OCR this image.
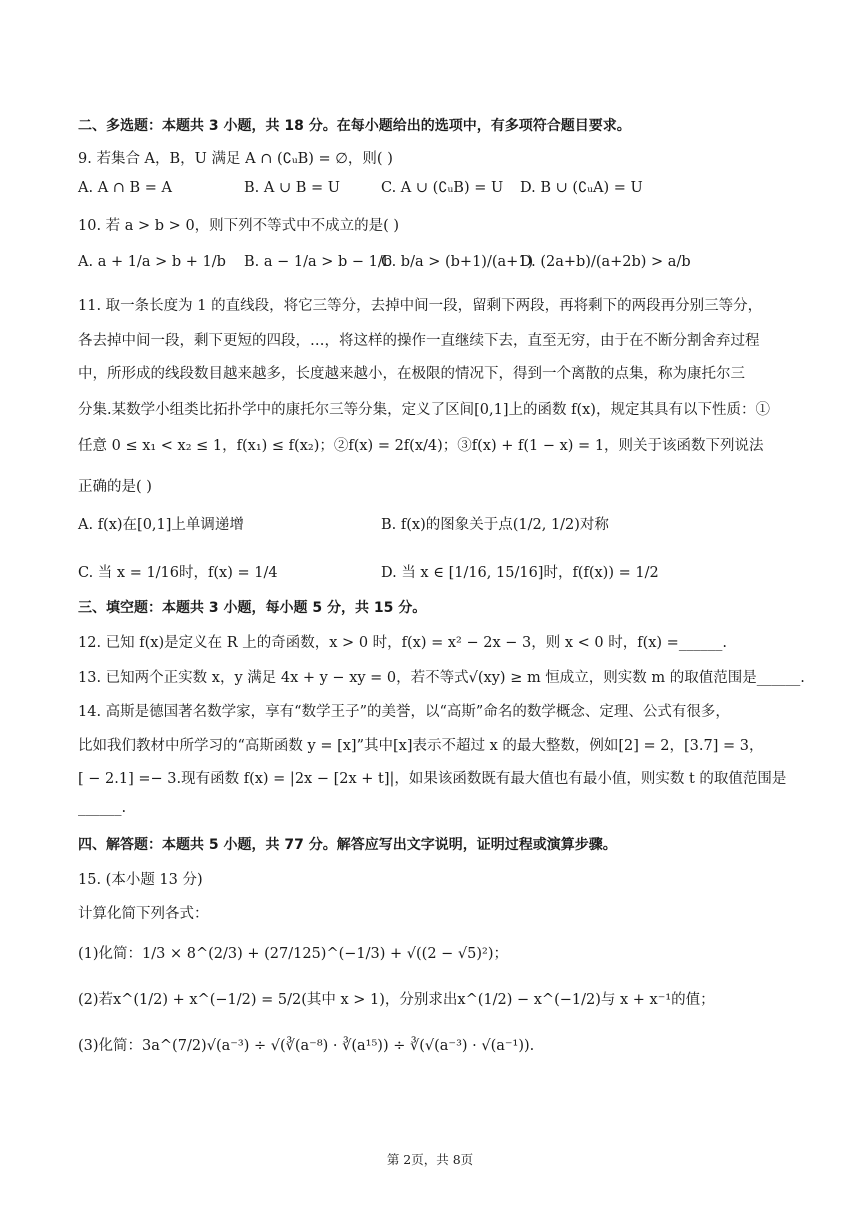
二、多选题：本题共 3 小题，共 18 分。在每小题给出的选项中，有多项符合题目要求。
9. 若集合 A，B，U 满足 A ∩ (∁ᵤB) = ∅，则( )
A. A ∩ B = A	B. A ∪ B = U	C. A ∪ (∁ᵤB) = U D. B ∪ (∁ᵤA) = U
10. 若 a > b > 0，则下列不等式中不成立的是( )
A. a + 1/a > b + 1/b B. a − 1/a > b − 1/b
C. b/a > (b+1)/(a+1)
D. (2a+b)/(a+2b) > a/b
11. 取一条长度为 1 的直线段，将它三等分，去掉中间一段，留剩下两段，再将剩下的两段再分别三等分，
各去掉中间一段，剩下更短的四段，…，将这样的操作一直继续下去，直至无穷，由于在不断分割舍弃过程
中，所形成的线段数目越来越多，长度越来越小，在极限的情况下，得到一个离散的点集，称为康托尔三
分集.某数学小组类比拓扑学中的康托尔三等分集，定义了区间[0,1]上的函数 f(x)，规定其具有以下性质：①
任意 0 ≤ x₁ < x₂ ≤ 1，f(x₁) ≤ f(x₂)；②f(x) = 2f(x/4)；③f(x) + f(1 − x) = 1，则关于该函数下列说法
正确的是( )
A. f(x)在[0,1]上单调递增	B. f(x)的图象关于点(1/2, 1/2)对称
C. 当 x = 1/16时，f(x) = 1/4	D. 当 x ∈ [1/16, 15/16]时，f(f(x)) = 1/2
三、填空题：本题共 3 小题，每小题 5 分，共 15 分。
12. 已知 f(x)是定义在 R 上的奇函数，x > 0 时，f(x) = x² − 2x − 3，则 x < 0 时，f(x) =______.
13. 已知两个正实数 x，y 满足 4x + y − xy = 0，若不等式√(xy) ≥ m 恒成立，则实数 m 的取值范围是______.
14. 高斯是德国著名数学家，享有“数学王子”的美誉，以“高斯”命名的数学概念、定理、公式有很多，
比如我们教材中所学习的“高斯函数 y = [x]”其中[x]表示不超过 x 的最大整数，例如[2] = 2，[3.7] = 3，
[ − 2.1] =− 3.现有函数 f(x) = |2x − [2x + t]|，如果该函数既有最大值也有最小值，则实数 t 的取值范围是
______.
四、解答题：本题共 5 小题，共 77 分。解答应写出文字说明，证明过程或演算步骤。
15. (本小题 13 分)
计算化简下列各式：
(1)化简：1/3 × 8^(2/3) + (27/125)^(−1/3) + √((2 − √5)²)；
(2)若x^(1/2) + x^(−1/2) = 5/2(其中 x > 1)，分别求出x^(1/2) − x^(−1/2)与 x + x⁻¹的值；
(3)化简：3a^(7/2)√(a⁻³) ÷ √(∛(a⁻⁸) · ∛(a¹⁵)) ÷ ∛(√(a⁻³) · √(a⁻¹)).
第 2页，共 8页
